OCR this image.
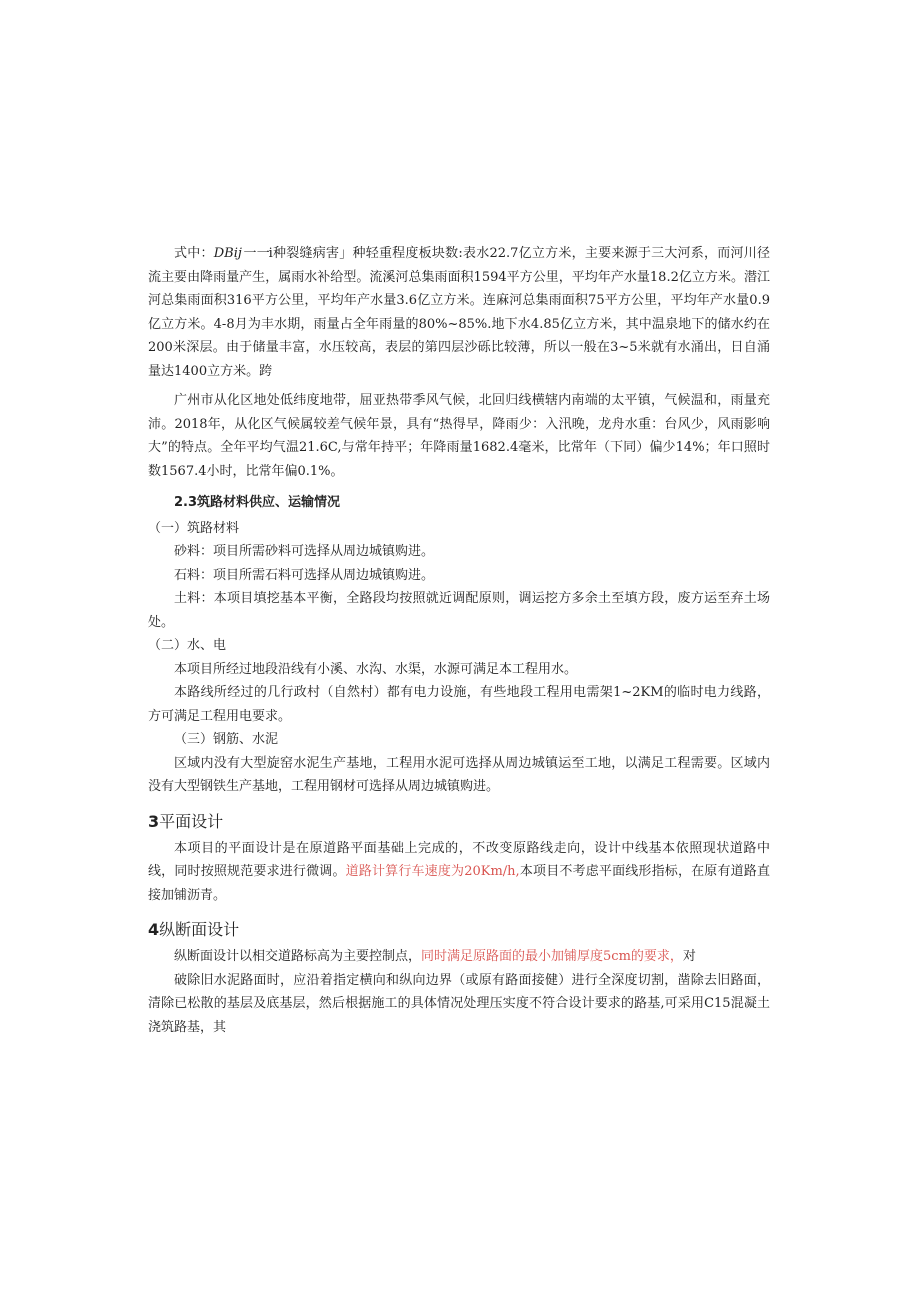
式中：DBij一一i种裂缝病害」种轻重程度板块数:表水22.7亿立方米，主要来源于三大河系，而河川径流主要由降雨量产生，属雨水补给型。流溪河总集雨面积1594平方公里，平均年产水量18.2亿立方米。潜江河总集雨面积316平方公里，平均年产水量3.6亿立方米。连麻河总集雨面积75平方公里，平均年产水量0.9亿立方米。4-8月为丰水期，雨量占全年雨量的80%~85%.地下水4.85亿立方米，其中温泉地下的储水约在200米深层。由于储量丰富，水压较高，表层的第四层沙砾比较薄，所以一般在3~5米就有水涌出，日自涌量达1400立方米。跨

广州市从化区地处低纬度地带，屈亚热带季风气候，北回归线横辖内南端的太平镇，气候温和，雨量充沛。2018年，从化区气候属较差气候年景，具有“热得早，降雨少：入汛晚，龙舟水重：台风少，风雨影响大”的特点。全年平均气温21.6C,与常年持平；年降雨量1682.4毫米，比常年（下同）偏少14%；年口照时数1567.4小时，比常年偏0.1%。

2.3筑路材料供应、运输情况

（一）筑路材料

砂料：项目所需砂料可选择从周边城镇购进。

石料：项目所需石料可选择从周边城镇购进。

土料：本项目填挖基本平衡，全路段均按照就近调配原则，调运挖方多余土至填方段，废方运至弃土场处。

（二）水、电

本项目所经过地段沿线有小溪、水沟、水渠，水源可满足本工程用水。

本路线所经过的几行政村（自然村）都有电力设施，有些地段工程用电需架1~2KM的临时电力线路，方可满足工程用电要求。

（三）钢筋、水泥

区域内没有大型旋窑水泥生产基地，工程用水泥可选择从周边城镇运至工地，以满足工程需要。区域内没有大型钢铁生产基地，工程用钢材可选择从周边城镇购进。

3平面设计

本项目的平面设计是在原道路平面基础上完成的，不改变原路线走向，设计中线基本依照现状道路中线，同时按照规范要求进行微调。道路计算行车速度为20Km/h,本项目不考虑平面线形指标，在原有道路直接加铺沥青。

4纵断面设计

纵断面设计以相交道路标高为主要控制点，同时满足原路面的最小加铺厚度5cm的要求，对

破除旧水泥路面时，应沿着指定横向和纵向边界（或原有路面接健）进行全深度切割，凿除去旧路面，清除已松散的基层及底基层，然后根据施工的具体情况处理压实度不符合设计要求的路基,可采用C15混凝土浇筑路基，其
